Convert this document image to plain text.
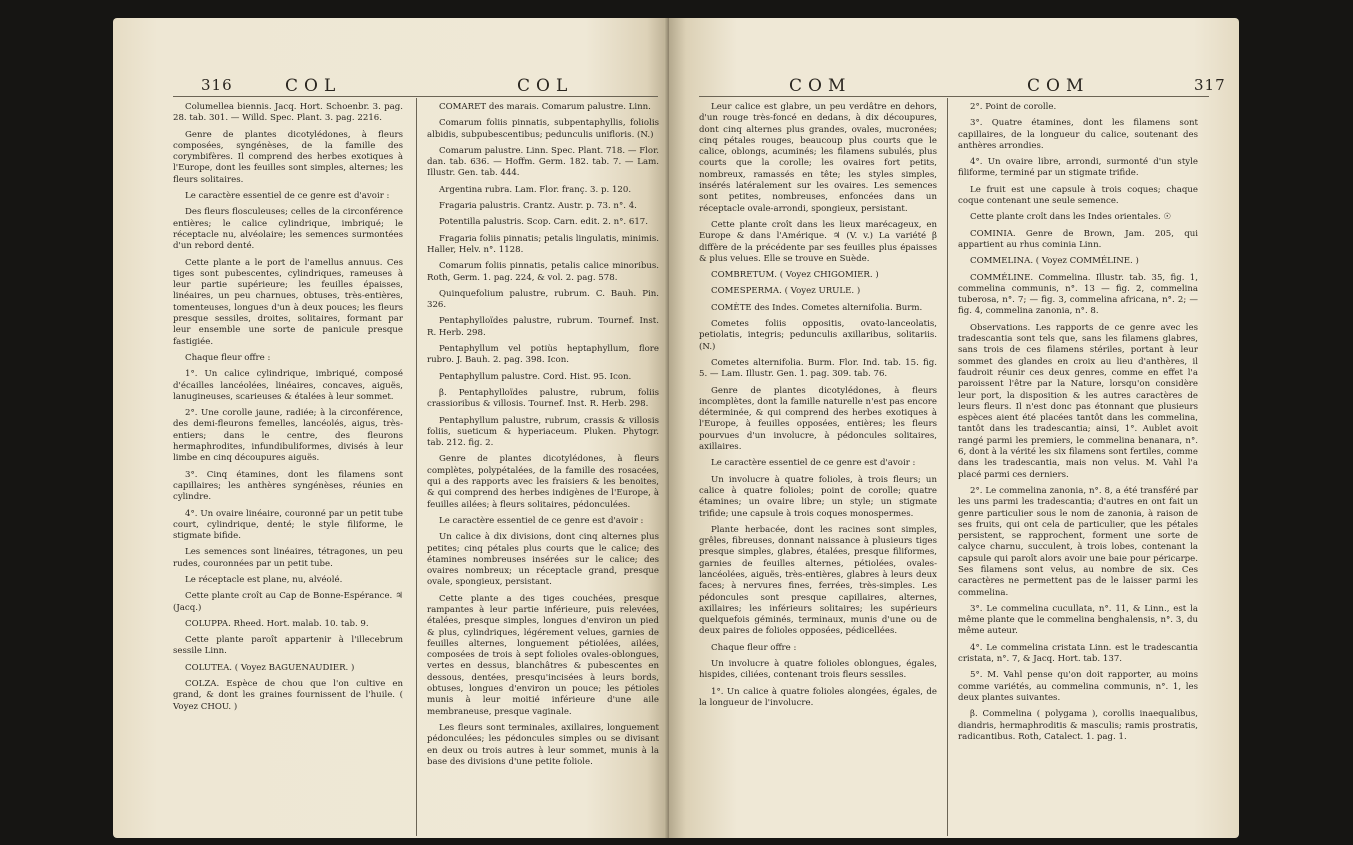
316	COL	COL

Columellea biennis. Jacq. Hort. Schoenbr. 3. pag. 28. tab. 301. — Willd. Spec. Plant. 3. pag. 2216.

Genre de plantes dicotylédones, à fleurs composées, syngénèses, de la famille des corymbifères. Il comprend des herbes exotiques à l'Europe, dont les feuilles sont simples, alternes; les fleurs solitaires.

Le caractère essentiel de ce genre est d'avoir :

Des fleurs flosculeuses; celles de la circonférence entières; le calice cylindrique, imbriqué; le réceptacle nu, alvéolaire; les semences surmontées d'un rebord denté.

Cette plante a le port de l'amellus annuus. Ces tiges sont pubescentes, cylindriques, rameuses à leur partie supérieure; les feuilles épaisses, linéaires, un peu charnues, obtuses, très-entières, tomenteuses, longues d'un à deux pouces; les fleurs presque sessiles, droites, solitaires, formant par leur ensemble une sorte de panicule presque fastigiée.

Chaque fleur offre :

1°. Un calice cylindrique, imbriqué, composé d'écailles lancéolées, linéaires, concaves, aiguës, lanugineuses, scarieuses & étalées à leur sommet.

2°. Une corolle jaune, radiée; à la circonférence, des demi-fleurons femelles, lancéolés, aigus, très-entiers; dans le centre, des fleurons hermaphrodites, infundibuliformes, divisés à leur limbe en cinq découpures aiguës.

3°. Cinq étamines, dont les filamens sont capillaires; les anthères syngénèses, réunies en cylindre.

4°. Un ovaire linéaire, couronné par un petit tube court, cylindrique, denté; le style filiforme, le stigmate bifide.

Les semences sont linéaires, tétragones, un peu rudes, couronnées par un petit tube.

Le réceptacle est plane, nu, alvéolé.

Cette plante croît au Cap de Bonne-Espérance. ♃ (Jacq.)

COLUPPA. Rheed. Hort. malab. 10. tab. 9.

Cette plante paroît appartenir à l'illecebrum sessile Linn.

COLUTEA. ( Voyez BAGUENAUDIER. )

COLZA. Espèce de chou que l'on cultive en grand, & dont les graines fournissent de l'huile. ( Voyez CHOU. )

COMARET des marais. Comarum palustre. Linn.

Comarum foliis pinnatis, subpentaphyllis, foliolis albidis, subpubescentibus; pedunculis unifloris. (N.)

Comarum palustre. Linn. Spec. Plant. 718. — Flor. dan. tab. 636. — Hoffm. Germ. 182. tab. 7. — Lam. Illustr. Gen. tab. 444.

Argentina rubra. Lam. Flor. franç. 3. p. 120.

Fragaria palustris. Crantz. Austr. p. 73. n°. 4.

Potentilla palustris. Scop. Carn. edit. 2. n°. 617.

Fragaria foliis pinnatis; petalis lingulatis, minimis. Haller, Helv. n°. 1128.

Comarum foliis pinnatis, petalis calice minoribus. Roth, Germ. 1. pag. 224, & vol. 2. pag. 578.

Quinquefolium palustre, rubrum. C. Bauh. Pin. 326.

Pentaphylloïdes palustre, rubrum. Tournef. Inst. R. Herb. 298.

Pentaphyllum vel potiùs heptaphyllum, flore rubro. J. Bauh. 2. pag. 398. Icon.

Pentaphyllum palustre. Cord. Hist. 95. Icon.

β. Pentaphylloïdes palustre, rubrum, foliis crassioribus & villosis. Tournef. Inst. R. Herb. 298.

Pentaphyllum palustre, rubrum, crassis & villosis foliis, sueticum & hyperiaceum. Pluken. Phytogr. tab. 212. fig. 2.

Genre de plantes dicotylédones, à fleurs complètes, polypétalées, de la famille des rosacées, qui a des rapports avec les fraisiers & les benoites, & qui comprend des herbes indigènes de l'Europe, à feuilles ailées; à fleurs solitaires, pédonculées.

Le caractère essentiel de ce genre est d'avoir :

Un calice à dix divisions, dont cinq alternes plus petites; cinq pétales plus courts que le calice; des étamines nombreuses insérées sur le calice; des ovaires nombreux; un réceptacle grand, presque ovale, spongieux, persistant.

Cette plante a des tiges couchées, presque rampantes à leur partie inférieure, puis relevées, étalées, presque simples, longues d'environ un pied & plus, cylindriques, légérement velues, garnies de feuilles alternes, longuement pétiolées, ailées, composées de trois à sept folioles ovales-oblongues, vertes en dessus, blanchâtres & pubescentes en dessous, dentées, presqu'incisées à leurs bords, obtuses, longues d'environ un pouce; les pétioles munis à leur moitié inférieure d'une aile membraneuse, presque vaginale.

Les fleurs sont terminales, axillaires, longuement pédonculées; les pédoncules simples ou se divisant en deux ou trois autres à leur sommet, munis à la base des divisions d'une petite foliole.

COM	COM	317

Leur calice est glabre, un peu verdâtre en dehors, d'un rouge très-foncé en dedans, à dix découpures, dont cinq alternes plus grandes, ovales, mucronées; cinq pétales rouges, beaucoup plus courts que le calice, oblongs, acuminés; les filamens subulés, plus courts que la corolle; les ovaires fort petits, nombreux, ramassés en tête; les styles simples, insérés latéralement sur les ovaires. Les semences sont petites, nombreuses, enfoncées dans un réceptacle ovale-arrondi, spongieux, persistant.

Cette plante croît dans les lieux marécageux, en Europe & dans l'Amérique. ♃ (V. v.) La variété β diffère de la précédente par ses feuilles plus épaisses & plus velues. Elle se trouve en Suède.

COMBRETUM. ( Voyez CHIGOMIER. )

COMESPERMA. ( Voyez URULE. )

COMÈTE des Indes. Cometes alternifolia. Burm.

Cometes foliis oppositis, ovato-lanceolatis, petiolatis, integris; pedunculis axillaribus, solitariis. (N.)

Cometes alternifolia. Burm. Flor. Ind. tab. 15. fig. 5. — Lam. Illustr. Gen. 1. pag. 309. tab. 76.

Genre de plantes dicotylédones, à fleurs incomplètes, dont la famille naturelle n'est pas encore déterminée, & qui comprend des herbes exotiques à l'Europe, à feuilles opposées, entières; les fleurs pourvues d'un involucre, à pédoncules solitaires, axillaires.

Le caractère essentiel de ce genre est d'avoir :

Un involucre à quatre folioles, à trois fleurs; un calice à quatre folioles; point de corolle; quatre étamines; un ovaire libre; un style; un stigmate trifide; une capsule à trois coques monospermes.

Plante herbacée, dont les racines sont simples, grêles, fibreuses, donnant naissance à plusieurs tiges presque simples, glabres, étalées, presque filiformes, garnies de feuilles alternes, pétiolées, ovales-lancéolées, aiguës, très-entières, glabres à leurs deux faces; à nervures fines, ferrées, très-simples. Les pédoncules sont presque capillaires, alternes, axillaires; les inférieurs solitaires; les supérieurs quelquefois géminés, terminaux, munis d'une ou de deux paires de folioles opposées, pédicellées.

Chaque fleur offre :

Un involucre à quatre folioles oblongues, égales, hispides, ciliées, contenant trois fleurs sessiles.

1°. Un calice à quatre folioles alongées, égales, de la longueur de l'involucre.

2°. Point de corolle.

3°. Quatre étamines, dont les filamens sont capillaires, de la longueur du calice, soutenant des anthères arrondies.

4°. Un ovaire libre, arrondi, surmonté d'un style filiforme, terminé par un stigmate trifide.

Le fruit est une capsule à trois coques; chaque coque contenant une seule semence.

Cette plante croît dans les Indes orientales. ☉

COMINIA. Genre de Brown, Jam. 205, qui appartient au rhus cominia Linn.

COMMELINA. ( Voyez COMMÉLINE. )

COMMÉLINE. Commelina. Illustr. tab. 35, fig. 1, commelina communis, n°. 13 — fig. 2, commelina tuberosa, n°. 7; — fig. 3, commelina africana, n°. 2; — fig. 4, commelina zanonia, n°. 8.

Observations. Les rapports de ce genre avec les tradescantia sont tels que, sans les filamens glabres, sans trois de ces filamens stériles, portant à leur sommet des glandes en croix au lieu d'anthères, il faudroit réunir ces deux genres, comme en effet l'a paroissent l'être par la Nature, lorsqu'on considère leur port, la disposition & les autres caractères de leurs fleurs. Il n'est donc pas étonnant que plusieurs espèces aient été placées tantôt dans les commelina, tantôt dans les tradescantia; ainsi, 1°. Aublet avoit rangé parmi les premiers, le commelina benanara, n°. 6, dont à la vérité les six filamens sont fertiles, comme dans les tradescantia, mais non velus. M. Vahl l'a placé parmi ces derniers.

2°. Le commelina zanonia, n°. 8, a été transféré par les uns parmi les tradescantia; d'autres en ont fait un genre particulier sous le nom de zanonia, à raison de ses fruits, qui ont cela de particulier, que les pétales persistent, se rapprochent, forment une sorte de calyce charnu, succulent, à trois lobes, contenant la capsule qui paroît alors avoir une baie pour péricarpe. Ses filamens sont velus, au nombre de six. Ces caractères ne permettent pas de le laisser parmi les commelina.

3°. Le commelina cucullata, n°. 11, & Linn., est la même plante que le commelina benghalensis, n°. 3, du même auteur.

4°. Le commelina cristata Linn. est le tradescantia cristata, n°. 7, & Jacq. Hort. tab. 137.

5°. M. Vahl pense qu'on doit rapporter, au moins comme variétés, au commelina communis, n°. 1, les deux plantes suivantes.

β. Commelina ( polygama ), corollis inaequalibus, diandris, hermaphroditis & masculis; ramis prostratis, radicantibus. Roth, Catalect. 1. pag. 1.
